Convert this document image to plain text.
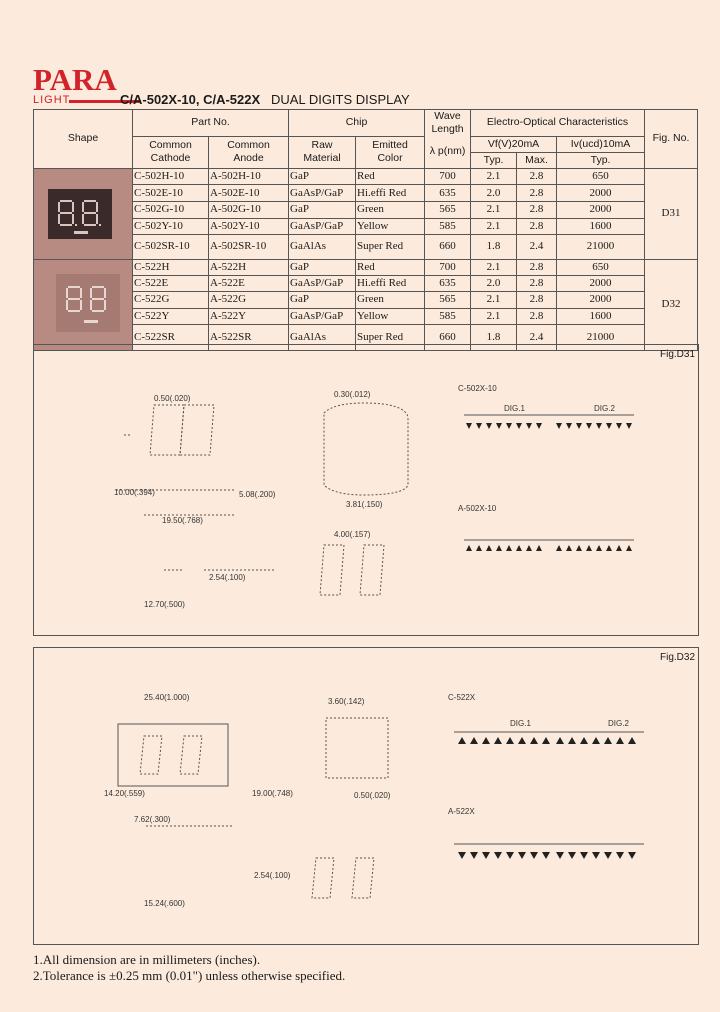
PARA
LIGHT	C/A-502X-10, C/A-522X DUAL DIGITS DISPLAY
Shape	Part No.		Chip		Wave Length	Electro-Optical Characteristics			Fig. No.
	Common Cathode	Common Anode	Raw Material	Emitted Color	λ p(nm)	Vf(V)20mA		Iv(ucd)10mA	
						Typ.	Max.	Typ.	

	C-502H-10	A-502H-10	GaP	Red	700	2.1	2.8	650	D31
	C-502E-10	A-502E-10	GaAsP/GaP	Hi.effi Red	635	2.0	2.8	2000	
	C-502G-10	A-502G-10	GaP	Green	565	2.1	2.8	2000	
	C-502Y-10	A-502Y-10	GaAsP/GaP	Yellow	585	2.1	2.8	1600	
	C-502SR-10	A-502SR-10	GaAlAs	Super Red	660	1.8	2.4	21000	

	C-522H	A-522H	GaP	Red	700	2.1	2.8	650	D32
	C-522E	A-522E	GaAsP/GaP	Hi.effi Red	635	2.0	2.8	2000	
	C-522G	A-522G	GaP	Green	565	2.1	2.8	2000	
	C-522Y	A-522Y	GaAsP/GaP	Yellow	585	2.1	2.8	1600	
	C-522SR	A-522SR	GaAlAs	Super Red	660	1.8	2.4	21000	
Fig.D31
0.50(.020)
10.00(.394)
19.50(.768)
5.08(.200)
0.30(.012)
3.81(.150)
4.00(.157)
2.54(.100)
12.70(.500)
C-502X-10
A-502X-10
DIG.1	DIG.2
Fig.D32
25.40(1.000)
14.20(.559)	19.00(.748)
3.60(.142)
0.50(.020)
2.54(.100)
7.62(.300)
15.24(.600)
C-522X
A-522X
DIG.1	DIG.2
1.All dimension are in millimeters (inches).
2.Tolerance is ±0.25 mm (0.01") unless otherwise specified.
